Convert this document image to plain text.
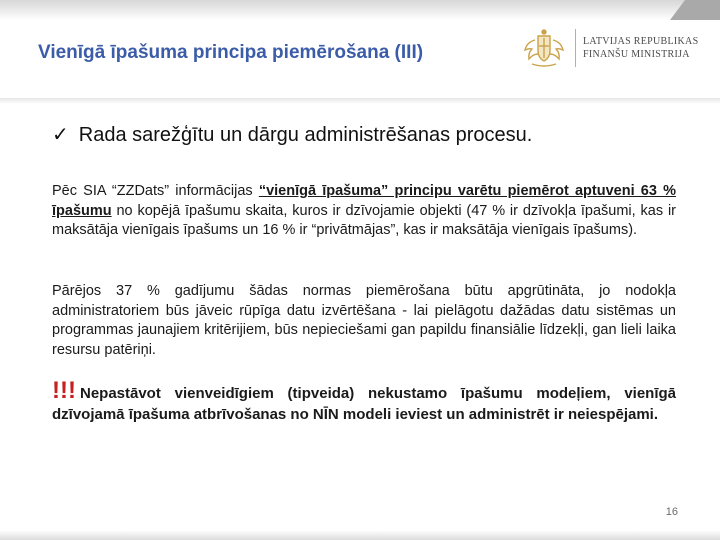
Vienīgā īpašuma principa piemērošana (III)
LATVIJAS REPUBLIKAS
FINANŠU MINISTRIJA
✓ Rada sarežģītu un dārgu administrēšanas procesu.

Pēc SIA “ZZDats” informācijas “vienīgā īpašuma” principu varētu piemērot aptuveni 63 % īpašumu no kopējā īpašumu skaita, kuros ir dzīvojamie objekti (47 % ir dzīvokļa īpašumi, kas ir maksātāja vienīgais īpašums un 16 % ir “privātmājas”, kas ir maksātāja vienīgais īpašums).

Pārējos 37 % gadījumu šādas normas piemērošana būtu apgrūtināta, jo nodokļa administratoriem būs jāveic rūpīga datu izvērtēšana - lai pielāgotu dažādas datu sistēmas un programmas jaunajiem kritērijiem, būs nepieciešami gan papildu finansiālie līdzekļi, gan lieli laika resursu patēriņi.

!!! Nepastāvot vienveidīgiem (tipveida) nekustamo īpašumu modeļiem, vienīgā dzīvojamā īpašuma atbrīvošanas no NĪN modeli ieviest un administrēt ir neiespējami.

16
